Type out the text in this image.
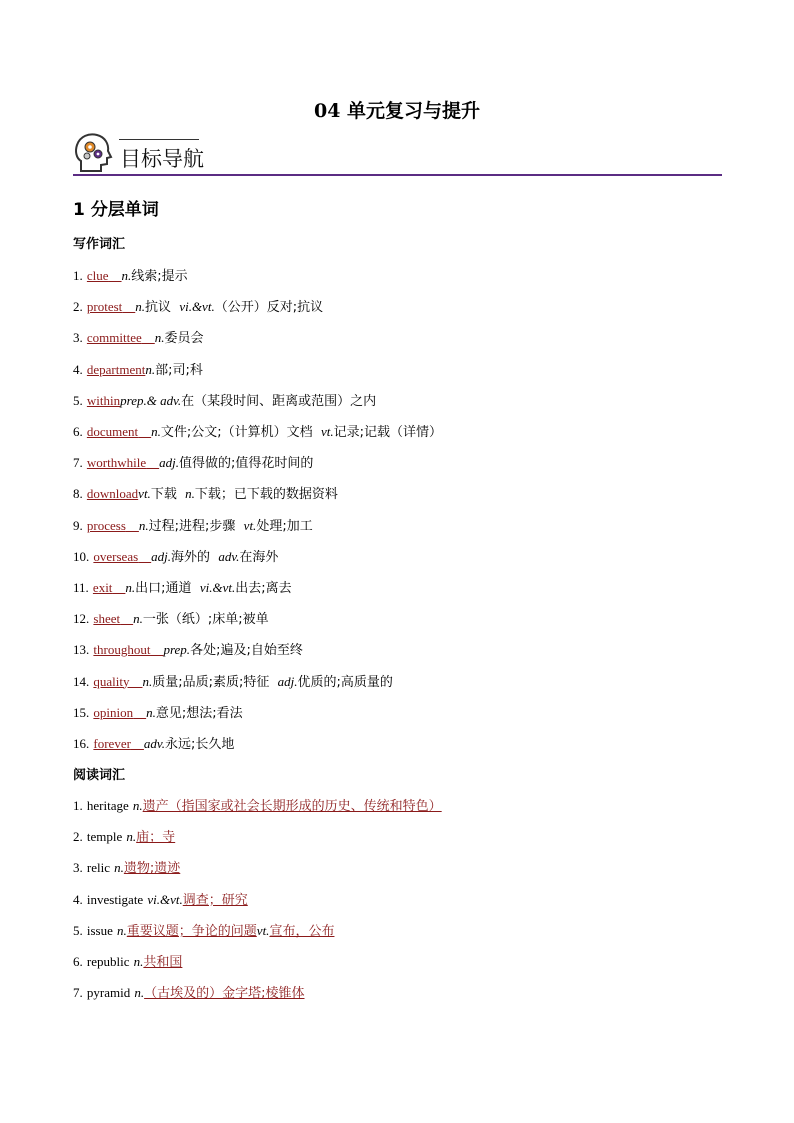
04 单元复习与提升
目标导航
1 分层单词
写作词汇
1. clue n.线索;提示
2. protest n.抗议 vi.&vt.（公开）反对;抗议
3. committee n.委员会
4. departmentn.部;司;科
5. withinprep.& adv.在（某段时间、距离或范围）之内
6. document n.文件;公文;（计算机）文档 vt.记录;记载（详情）
7. worthwhile adj.值得做的;值得花时间的
8. downloadvt.下载 n.下载；已下载的数据资料
9. process n.过程;进程;步骤 vt.处理;加工
10. overseas adj.海外的 adv.在海外
11. exit n.出口;通道 vi.&vt.出去;离去
12. sheet n.一张（纸）;床单;被单
13. throughout prep.各处;遍及;自始至终
14. quality n.质量;品质;素质;特征 adj.优质的;高质量的
15. opinion n.意见;想法;看法
16. forever adv.永远;长久地
阅读词汇
1. heritage n.遗产（指国家或社会长期形成的历史、传统和特色）
2. temple n.庙；寺
3. relic n.遗物;遗迹
4. investigate vi.&vt.调查；研究
5. issue n.重要议题；争论的问题vt.宣布，公布
6. republic n.共和国
7. pyramid n.（古埃及的）金字塔;棱锥体
